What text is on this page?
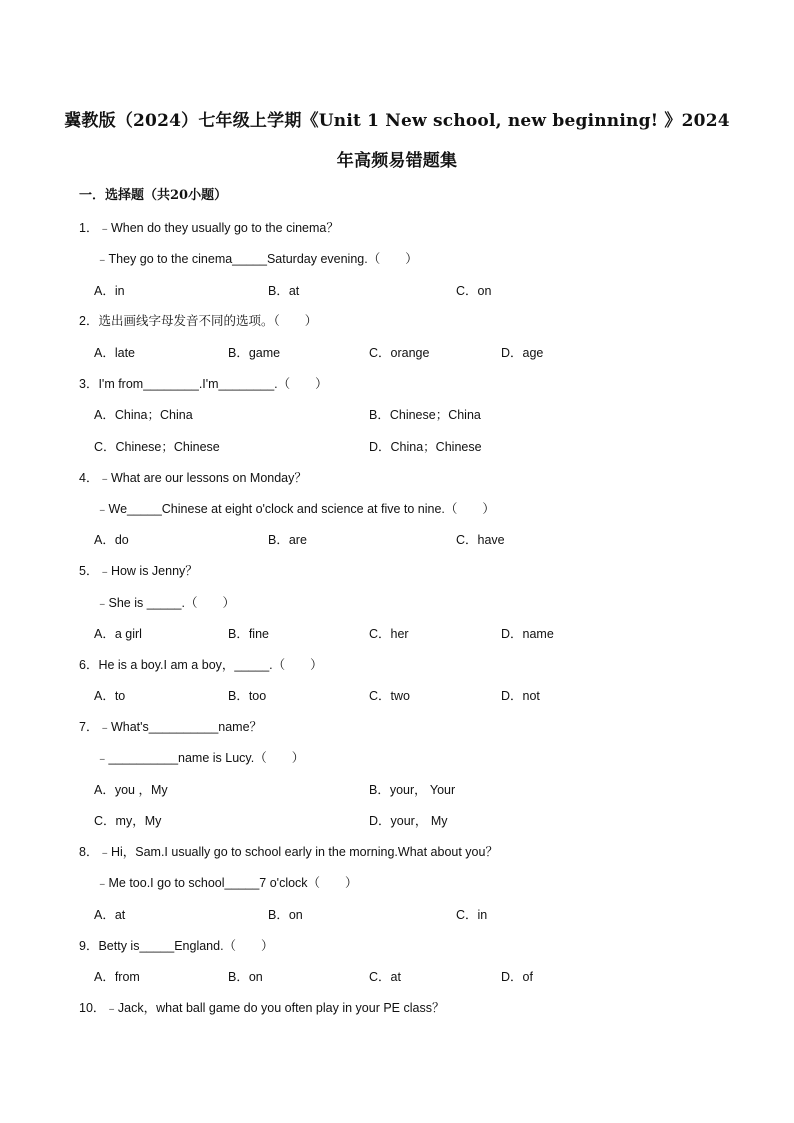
冀教版（2024）七年级上学期《Unit 1 New school, new beginning! 》2024
年高频易错题集
一．选择题（共20小题）
1．﹣When do they usually go to the cinema？
﹣They go to the cinema_____Saturday evening.（　　）
A．in	B．at	C．on
2．选出画线字母发音不同的选项。（　　）
A．late	B．game	C．orange	D．age
3．I'm from________.I'm________.（　　）
A．China；China	B．Chinese；China
C．Chinese；Chinese	D．China；Chinese
4．﹣What are our lessons on Monday？
﹣We_____Chinese at eight o'clock and science at five to nine.（　　）
A．do	B．are	C．have
5．﹣How is Jenny？
﹣She is _____.（　　）
A．a girl	B．fine	C．her	D．name
6．He is a boy.I am a boy，_____.（　　）
A．to	B．too	C．two	D．not
7．﹣What's__________name？
﹣__________name is Lucy.（　　）
A．you ，My	B．your， Your
C．my，My	D．your， My
8．﹣Hi，Sam.I usually go to school early in the morning.What about you？
﹣Me too.I go to school_____7 o'clock（　　）
A．at	B．on	C．in
9．Betty is_____England.（　　）
A．from	B．on	C．at	D．of
10．﹣Jack，what ball game do you often play in your PE class？
